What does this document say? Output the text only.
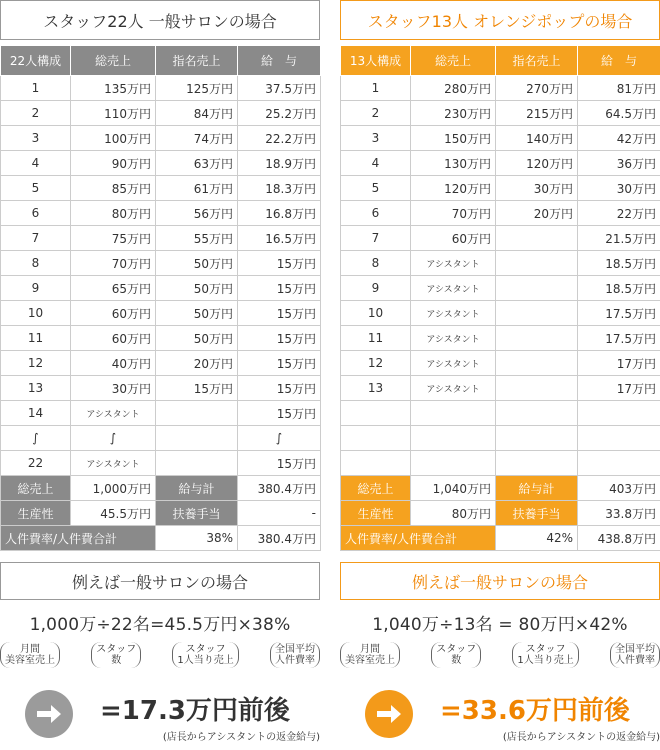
スタッフ22人 一般サロンの場合
22人構成	総売上	指名売上	給　与
1	135万円	125万円	37.5万円
2	110万円	84万円	25.2万円
3	100万円	74万円	22.2万円
4	90万円	63万円	18.9万円
5	85万円	61万円	18.3万円
6	80万円	56万円	16.8万円
7	75万円	55万円	16.5万円
8	70万円	50万円	15万円
9	65万円	50万円	15万円
10	60万円	50万円	15万円
11	60万円	50万円	15万円
12	40万円	20万円	15万円
13	30万円	15万円	15万円
14	アシスタント		15万円
∫	∫		∫
22	アシスタント		15万円
総売上	1,000万円	給与計	380.4万円
生産性	45.5万円	扶養手当	-
人件費率/人件費合計		38%	380.4万円
例えば一般サロンの場合
1,000万÷22名=45.5万円×38%
月間
美容室売上
スタッフ
数
スタッフ
1人当り売上
全国平均
人件費率
=17.3万円前後
(店長からアシスタントの返金給与)
スタッフ13人 オレンジポップの場合
13人構成	総売上	指名売上	給　与
1	280万円	270万円	81万円
2	230万円	215万円	64.5万円
3	150万円	140万円	42万円
4	130万円	120万円	36万円
5	120万円	30万円	30万円
6	70万円	20万円	22万円
7	60万円		21.5万円
8	アシスタント		18.5万円
9	アシスタント		18.5万円
10	アシスタント		17.5万円
11	アシスタント		17.5万円
12	アシスタント		17万円
13	アシスタント		17万円

総売上	1,040万円	給与計	403万円
生産性	80万円	扶養手当	33.8万円
人件費率/人件費合計		42%	438.8万円
例えば一般サロンの場合
1,040万÷13名 = 80万円×42%
月間
美容室売上
スタッフ
数
スタッフ
1人当り売上
全国平均
人件費率
=33.6万円前後
(店長からアシスタントの返金給与)
